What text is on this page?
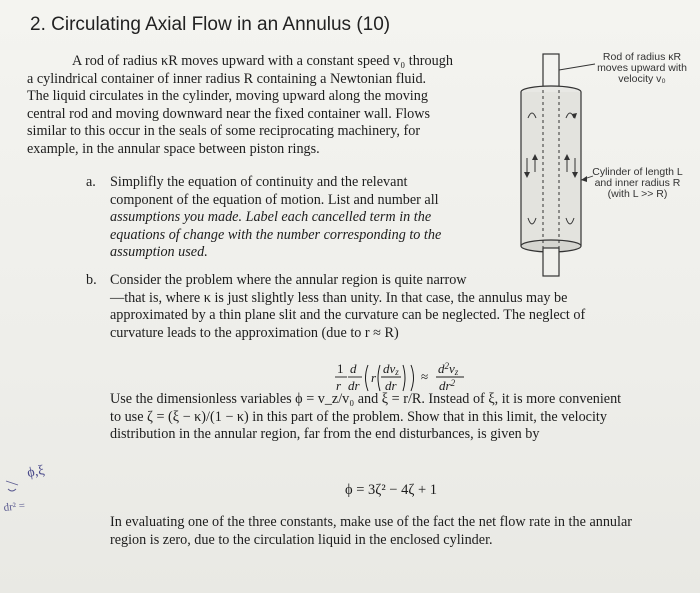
2. Circulating Axial Flow in an Annulus (10)

A rod of radius κR moves upward with a constant speed v₀ through

a cylindrical container of inner radius R containing a Newtonian fluid.

The liquid circulates in the cylinder, moving upward along the moving

central rod and moving downward near the fixed container wall. Flows

similar to this occur in the seals of some reciprocating machinery, for

example, in the annular space between piston rings.

a. Simplifly the equation of continuity and the relevant
component of the equation of motion. List and number all
assumptions you made. Label each cancelled term in the
equations of change with the number corresponding to the
assumption used.
b. Consider the problem where the annular region is quite narrow
—that is, where κ is just slightly less than unity. In that case, the annulus may be
approximated by a thin plane slit and the curvature can be neglected. The neglect of
curvature leads to the approximation (due to r ≈ R)
1
r
d
dr
r
dvz
dr
≈
$d^2vz$
$dr^2$
Use the dimensionless variables ϕ = v_z/v₀ and ξ = r/R. Instead of ξ, it is more convenient
to use ζ = (ξ − κ)/(1 − κ) in this part of the problem. Show that in this limit, the velocity
distribution in the annular region, far from the end disturbances, is given by
ϕ = 3ζ² − 4ζ + 1
In evaluating one of the three constants, make use of the fact the net flow rate in the annular
region is zero, due to the circulation liquid in the enclosed cylinder.
Rod of radius κR
moves upward with
velocity v₀
Cylinder of length L
and inner radius R
(with L >> R)
ϕ,ξ
dr² =
